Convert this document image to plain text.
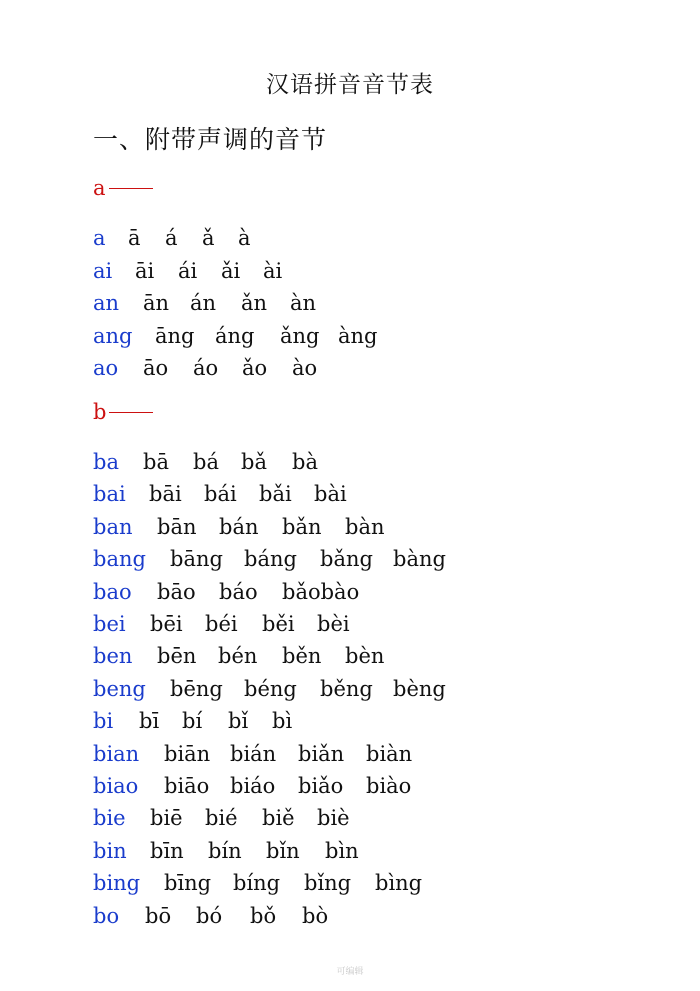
汉语拼音音节表
一、附带声调的音节
a
a ā á ǎ à
ai āi ái ǎi ài
an ān án ǎn àn
ang āng áng ǎng àng
ao āo áo ǎo ào
b
ba bā bá bǎ bà
bai bāi bái bǎi bài
ban bān bán bǎn bàn
bang bāng báng bǎng bàng
bao bāo báo bǎobào
bei bēi béi běi bèi
ben bēn bén běn bèn
beng bēng béng běng bèng
bi bī bí bǐ bì
bian biān bián biǎn biàn
biao biāo biáo biǎo biào
bie biē bié biě biè
bin bīn bín bǐn bìn
bing bīng bíng bǐng bìng
bo bō bó bǒ bò
可编辑
